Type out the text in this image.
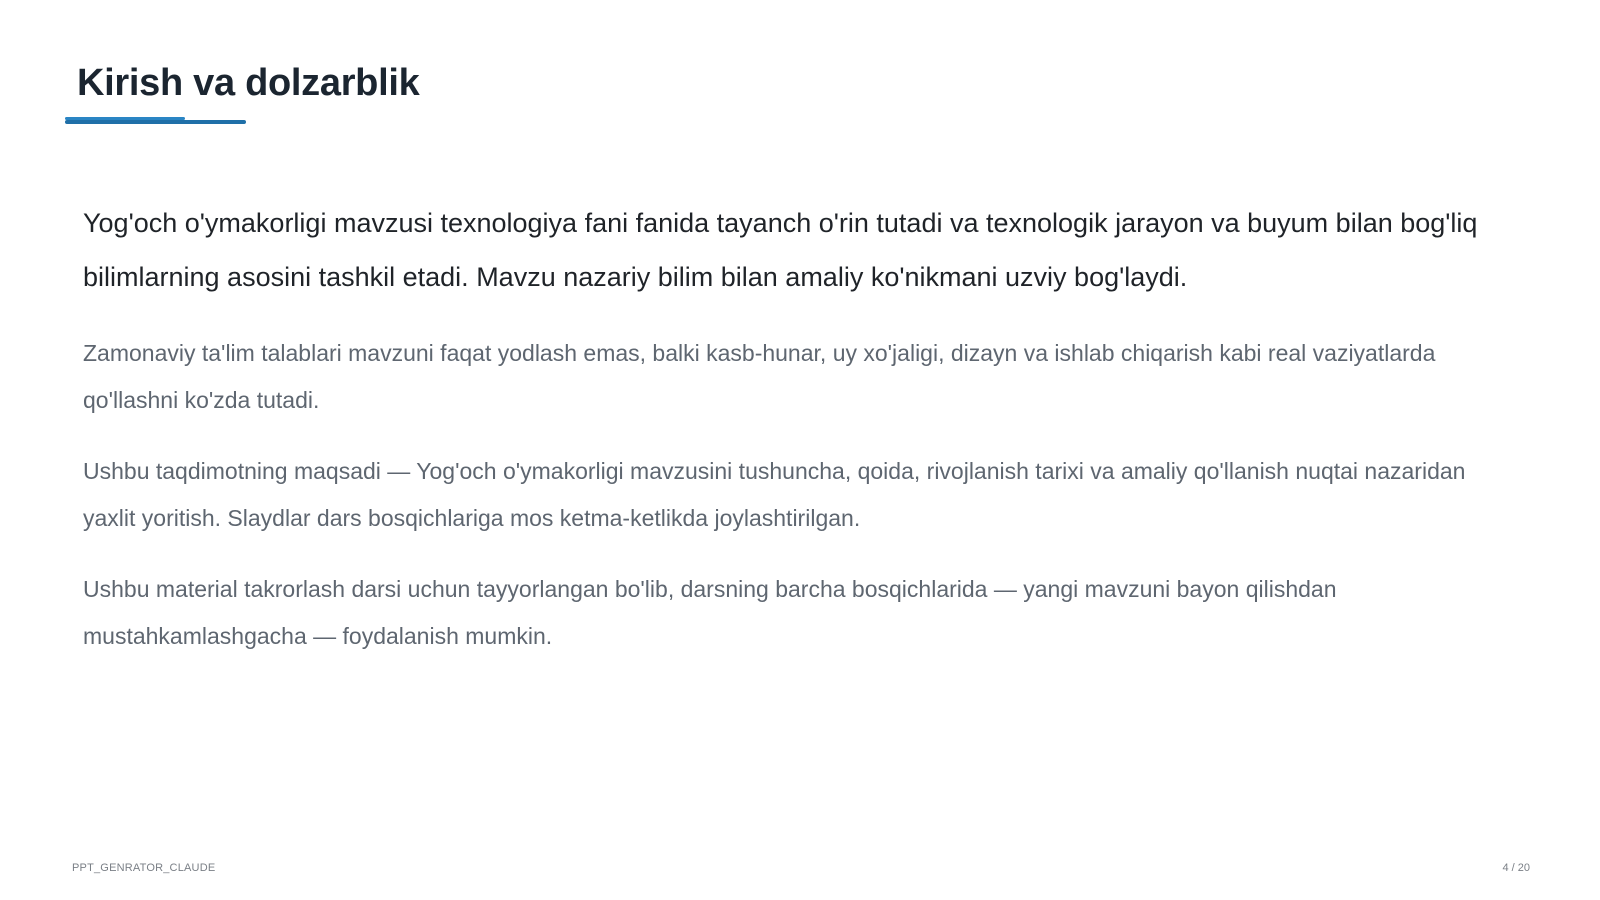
Kirish va dolzarblik

Yog'och o'ymakorligi mavzusi texnologiya fani fanida tayanch o'rin tutadi va texnologik jarayon va buyum bilan bog'liq bilimlarning asosini tashkil etadi. Mavzu nazariy bilim bilan amaliy ko'nikmani uzviy bog'laydi.

Zamonaviy ta'lim talablari mavzuni faqat yodlash emas, balki kasb-hunar, uy xo'jaligi, dizayn va ishlab chiqarish kabi real vaziyatlarda qo'llashni ko'zda tutadi.

Ushbu taqdimotning maqsadi — Yog'och o'ymakorligi mavzusini tushuncha, qoida, rivojlanish tarixi va amaliy qo'llanish nuqtai nazaridan yaxlit yoritish. Slaydlar dars bosqichlariga mos ketma-ketlikda joylashtirilgan.

Ushbu material takrorlash darsi uchun tayyorlangan bo'lib, darsning barcha bosqichlarida — yangi mavzuni bayon qilishdan mustahkamlashgacha — foydalanish mumkin.

PPT_GENRATOR_CLAUDE	4 / 20
